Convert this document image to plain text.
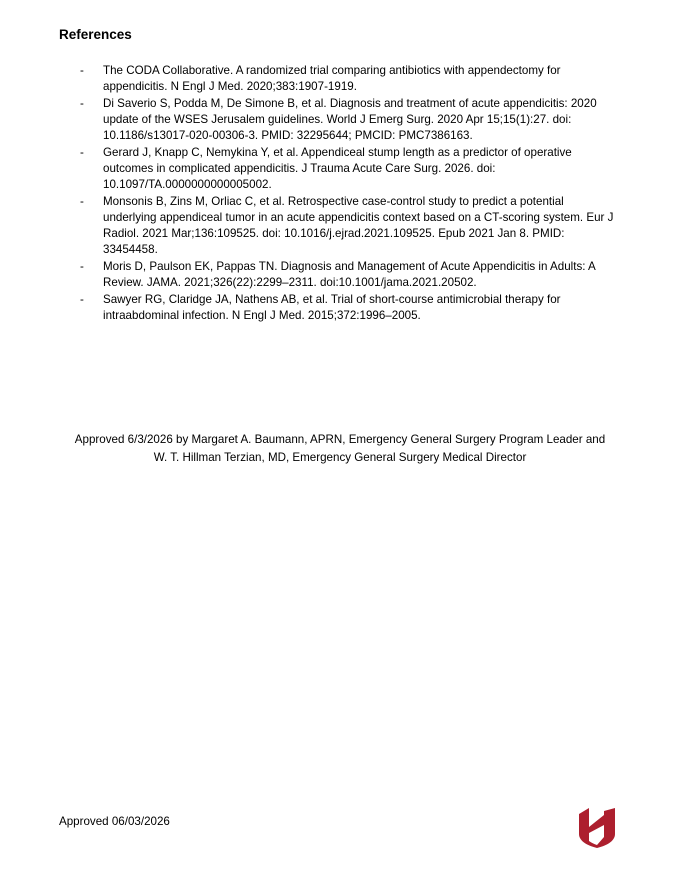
References
-	The CODA Collaborative. A randomized trial comparing antibiotics with appendectomy for appendicitis. N Engl J Med. 2020;383:1907-1919.
-	Di Saverio S, Podda M, De Simone B, et al. Diagnosis and treatment of acute appendicitis: 2020 update of the WSES Jerusalem guidelines. World J Emerg Surg. 2020 Apr 15;15(1):27. doi: 10.1186/s13017-020-00306-3. PMID: 32295644; PMCID: PMC7386163.
-	Gerard J, Knapp C, Nemykina Y, et al. Appendiceal stump length as a predictor of operative outcomes in complicated appendicitis. J Trauma Acute Care Surg. 2026. doi: 10.1097/TA.0000000000005002.
-	Monsonis B, Zins M, Orliac C, et al. Retrospective case-control study to predict a potential underlying appendiceal tumor in an acute appendicitis context based on a CT-scoring system. Eur J Radiol. 2021 Mar;136:109525. doi: 10.1016/j.ejrad.2021.109525. Epub 2021 Jan 8. PMID: 33454458.
-	Moris D, Paulson EK, Pappas TN. Diagnosis and Management of Acute Appendicitis in Adults: A Review. JAMA. 2021;326(22):2299–2311. doi:10.1001/jama.2021.20502.
-	Sawyer RG, Claridge JA, Nathens AB, et al. Trial of short-course antimicrobial therapy for intraabdominal infection. N Engl J Med. 2015;372:1996–2005.
Approved 6/3/2026 by Margaret A. Baumann, APRN, Emergency General Surgery Program Leader and
W. T. Hillman Terzian, MD, Emergency General Surgery Medical Director
Approved 06/03/2026
